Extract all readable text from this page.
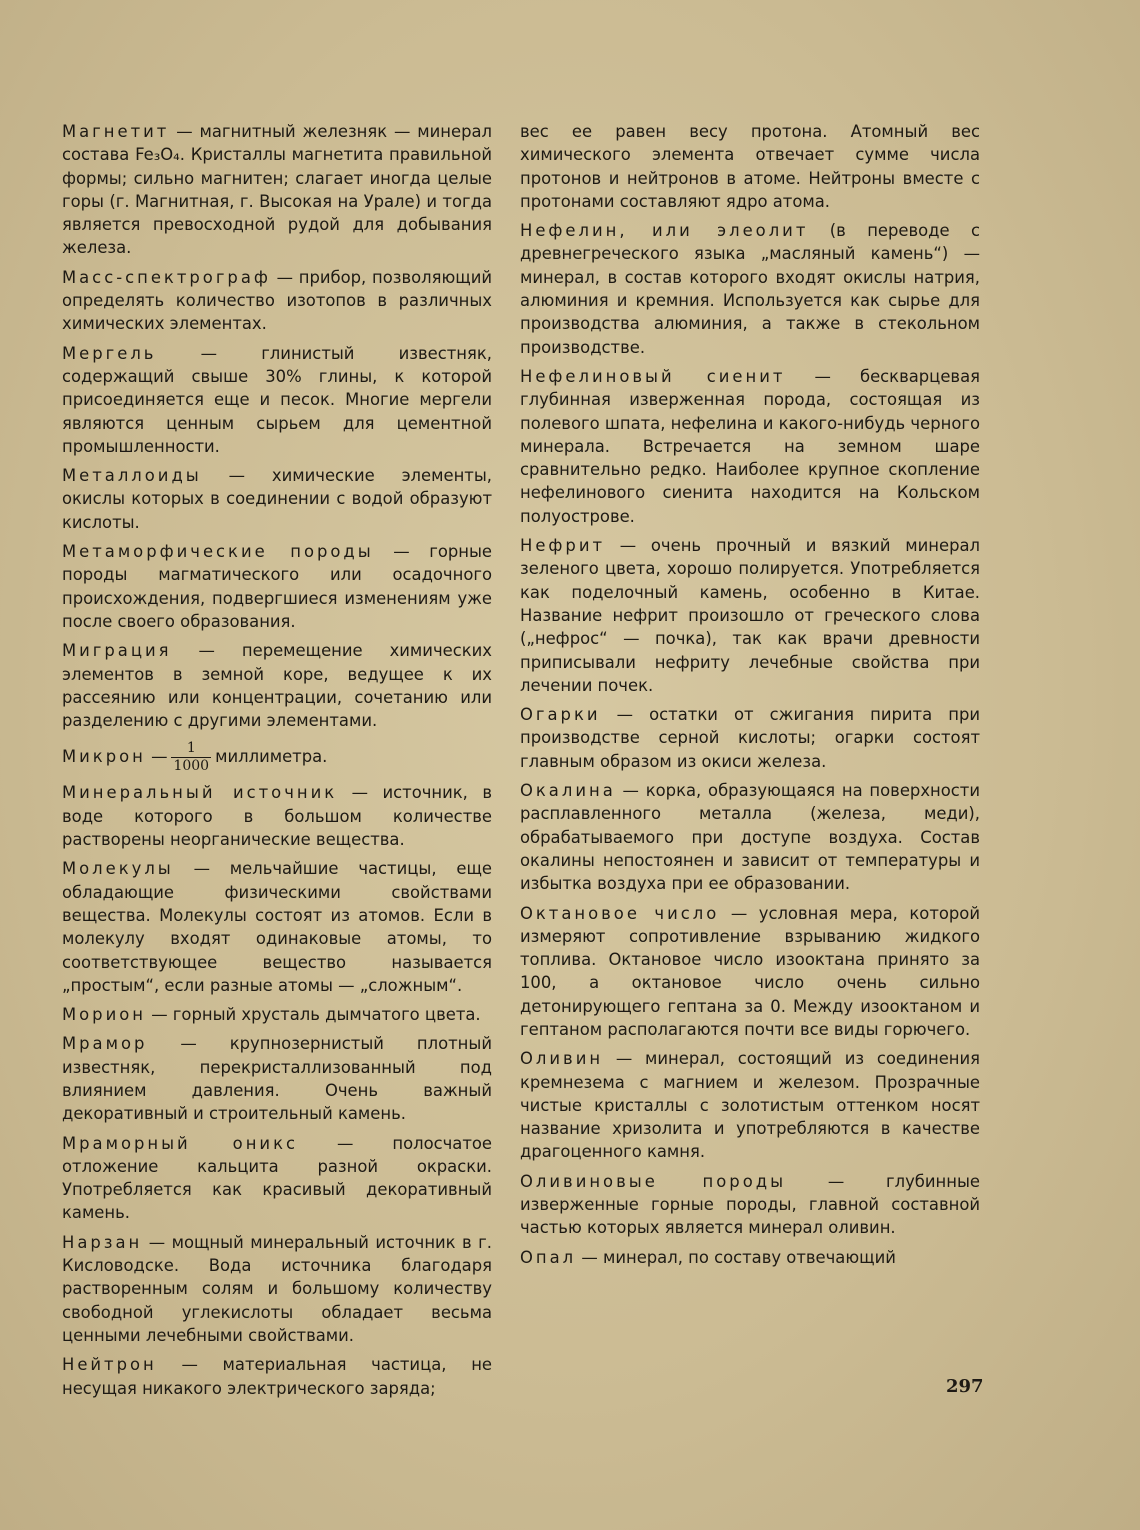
Магнетит — магнитный железняк — минерал состава Fe₃O₄. Кристаллы магнетита правильной формы; сильно магнитен; слагает иногда целые горы (г. Магнитная, г. Высокая на Урале) и тогда является превосходной рудой для добывания железа.

Масс-спектрограф — прибор, позволяющий определять количество изотопов в различных химических элементах.

Мергель	— глинистый известняк, содержащий свыше 30% глины, к которой присоединяется еще и песок. Многие мергели являются ценным сырьем для цементной промышленности.

Металлоиды — химические элементы, окислы которых в соединении с водой образуют кислоты.

Метаморфические породы — горные породы магматического или осадочного происхождения, подвергшиеся изменениям уже после своего образования.

Миграция — перемещение химических элементов в земной коре, ведущее к их рассеянию или концентрации, сочетанию или разделению с другими элементами.

Микрон — $\frac{1}{1000}$ миллиметра.

Минеральный источник — источник, в воде которого в большом количестве растворены неорганические вещества.

Молекулы — мельчайшие частицы, еще обладающие физическими свойствами вещества. Молекулы состоят из атомов. Если в молекулу входят одинаковые атомы, то соответствующее вещество называется „простым“, если разные атомы — „сложным“.

Морион — горный хрусталь дымчатого цвета.

Мрамор — крупнозернистый плотный известняк, перекристаллизованный под влиянием давления. Очень важный декоративный и строительный камень.

Мраморный оникс — полосчатое отложение кальцита разной окраски. Употребляется как красивый декоративный камень.

Нарзан — мощный минеральный источник в г. Кисловодске. Вода источника благодаря растворенным солям и большому количеству свободной углекислоты обладает весьма ценными лечебными свойствами.

Нейтрон — материальная частица, не несущая никакого электрического заряда;

вес ее равен весу протона. Атомный вес химического элемента отвечает сумме числа протонов и нейтронов в атоме. Нейтроны вместе с протонами составляют ядро атома.

Нефелин, или элеолит (в переводе с древнегреческого языка „масляный камень“) — минерал, в состав которого входят окислы натрия, алюминия и кремния. Используется как сырье для производства алюминия, а также в стекольном производстве.

Нефелиновый сиенит — бескварцевая глубинная изверженная порода, состоящая из полевого шпата, нефелина и какого-нибудь черного минерала. Встречается на земном шаре сравнительно редко. Наиболее крупное скопление нефелинового сиенита находится на Кольском полуострове.

Нефрит — очень прочный и вязкий минерал зеленого цвета, хорошо полируется. Употребляется как поделочный камень, особенно в Китае. Название нефрит произошло от греческого слова („нефрос“ — почка), так как врачи древности приписывали нефриту лечебные свойства при лечении почек.

Огарки — остатки от сжигания пирита при производстве серной кислоты; огарки состоят главным образом из окиси железа.

Окалина — корка, образующаяся на поверхности расплавленного металла (железа, меди), обрабатываемого при доступе воздуха. Состав окалины непостоянен и зависит от температуры и избытка воздуха при ее образовании.

Октановое число — условная мера, которой измеряют сопротивление взрыванию жидкого топлива. Октановое число изооктана принято за 100, а октановое число очень сильно детонирующего гептана за 0. Между изооктаном и гептаном располагаются почти все виды горючего.

Оливин — минерал, состоящий из соединения кремнезема с магнием и железом. Прозрачные чистые кристаллы с золотистым оттенком носят название хризолита и употребляются в качестве драгоценного камня.

Оливиновые породы	— глубинные изверженные горные породы, главной составной частью которых является минерал оливин.

Опал — минерал, по составу отвечающий

297
